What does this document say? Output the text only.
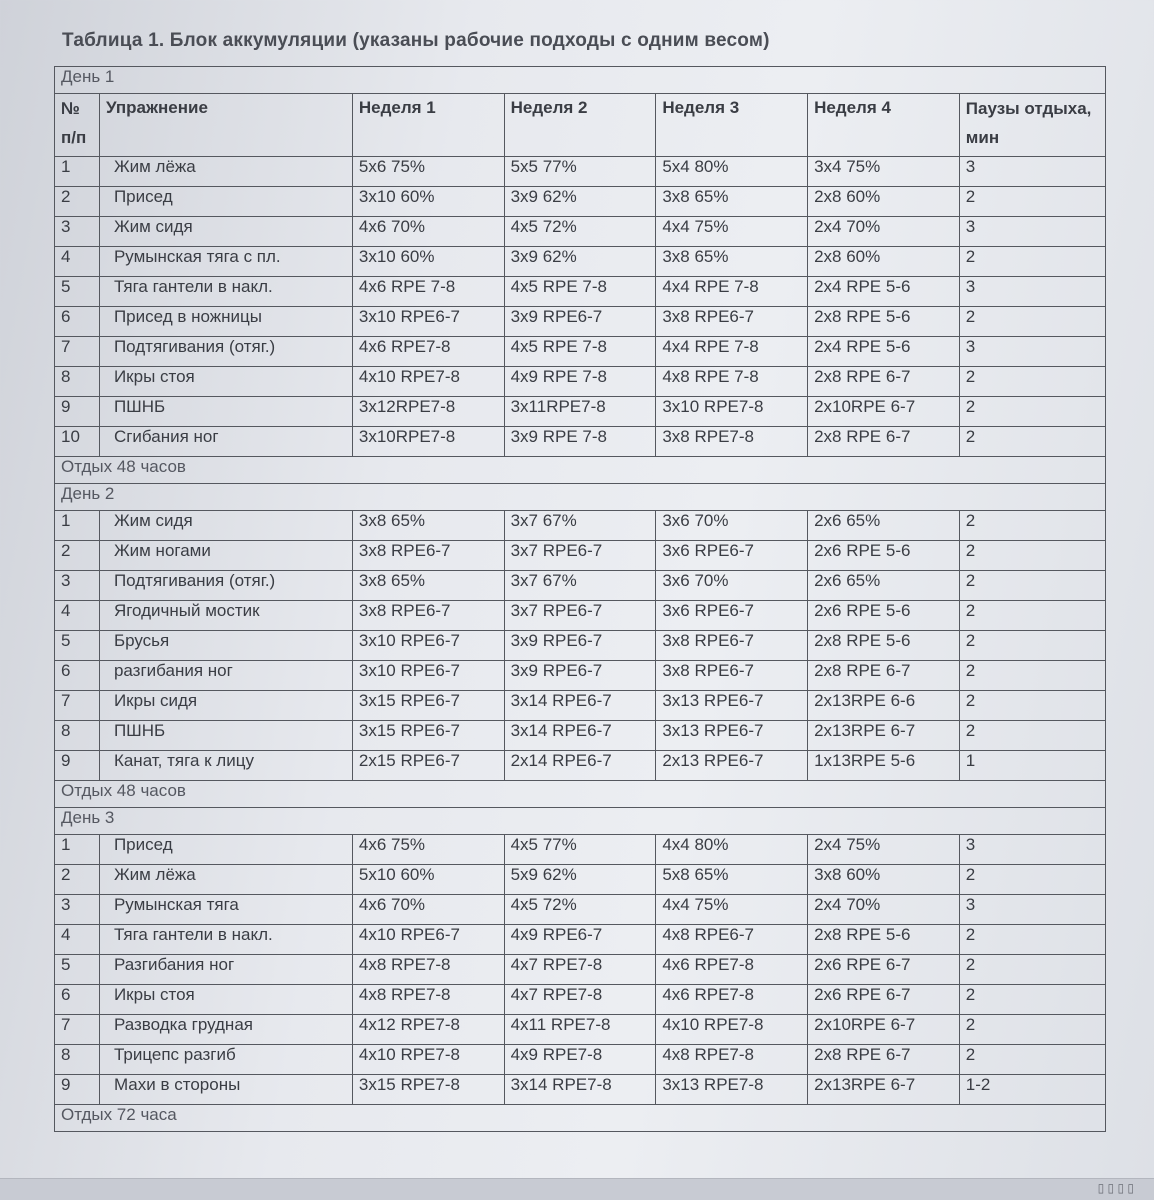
Таблица 1. Блок аккумуляции (указаны рабочие подходы с одним весом)
День 1						
№ п/п	Упражнение	Неделя 1	Неделя 2	Неделя 3	Неделя 4	Паузы отдыха, мин
1	Жим лёжа	5x6 75%	5x5 77%	5x4 80%	3x4 75%	3
2	Присед	3x10 60%	3x9 62%	3x8 65%	2x8 60%	2
3	Жим сидя	4x6 70%	4x5 72%	4x4 75%	2x4 70%	3
4	Румынская тяга с пл.	3x10 60%	3x9 62%	3x8 65%	2x8 60%	2
5	Тяга гантели в накл.	4x6 RPE 7-8	4x5 RPE 7-8	4x4 RPE 7-8	2x4 RPE 5-6	3
6	Присед в ножницы	3x10 RPE6-7	3x9 RPE6-7	3x8 RPE6-7	2x8 RPE 5-6	2
7	Подтягивания (отяг.)	4x6 RPE7-8	4x5 RPE 7-8	4x4 RPE 7-8	2x4 RPE 5-6	3
8	Икры стоя	4x10 RPE7-8	4x9 RPE 7-8	4x8 RPE 7-8	2x8 RPE 6-7	2
9	ПШНБ	3x12RPE7-8	3x11RPE7-8	3x10 RPE7-8	2x10RPE 6-7	2
10	Сгибания ног	3x10RPE7-8	3x9 RPE 7-8	3x8 RPE7-8	2x8 RPE 6-7	2
Отдых 48 часов						
День 2						
1	Жим сидя	3x8 65%	3x7 67%	3x6 70%	2x6 65%	2
2	Жим ногами	3x8 RPE6-7	3x7 RPE6-7	3x6 RPE6-7	2x6 RPE 5-6	2
3	Подтягивания (отяг.)	3x8 65%	3x7 67%	3x6 70%	2x6 65%	2
4	Ягодичный мостик	3x8 RPE6-7	3x7 RPE6-7	3x6 RPE6-7	2x6 RPE 5-6	2
5	Брусья	3x10 RPE6-7	3x9 RPE6-7	3x8 RPE6-7	2x8 RPE 5-6	2
6	разгибания ног	3x10 RPE6-7	3x9 RPE6-7	3x8 RPE6-7	2x8 RPE 6-7	2
7	Икры сидя	3x15 RPE6-7	3x14 RPE6-7	3x13 RPE6-7	2x13RPE 6-6	2
8	ПШНБ	3x15 RPE6-7	3x14 RPE6-7	3x13 RPE6-7	2x13RPE 6-7	2
9	Канат, тяга к лицу	2x15 RPE6-7	2x14 RPE6-7	2x13 RPE6-7	1x13RPE 5-6	1
Отдых 48 часов						
День 3						
1	Присед	4x6 75%	4x5 77%	4x4 80%	2x4 75%	3
2	Жим лёжа	5x10 60%	5x9 62%	5x8 65%	3x8 60%	2
3	Румынская тяга	4x6 70%	4x5 72%	4x4 75%	2x4 70%	3
4	Тяга гантели в накл.	4x10 RPE6-7	4x9 RPE6-7	4x8 RPE6-7	2x8 RPE 5-6	2
5	Разгибания ног	4x8 RPE7-8	4x7 RPE7-8	4x6 RPE7-8	2x6 RPE 6-7	2
6	Икры стоя	4x8 RPE7-8	4x7 RPE7-8	4x6 RPE7-8	2x6 RPE 6-7	2
7	Разводка грудная	4x12 RPE7-8	4x11 RPE7-8	4x10 RPE7-8	2x10RPE 6-7	2
8	Трицепс разгиб	4x10 RPE7-8	4x9 RPE7-8	4x8 RPE7-8	2x8 RPE 6-7	2
9	Махи в стороны	3x15 RPE7-8	3x14 RPE7-8	3x13 RPE7-8	2x13RPE 6-7	1-2
Отдых 72 часа						
▯ ▯ ▯ ▯
